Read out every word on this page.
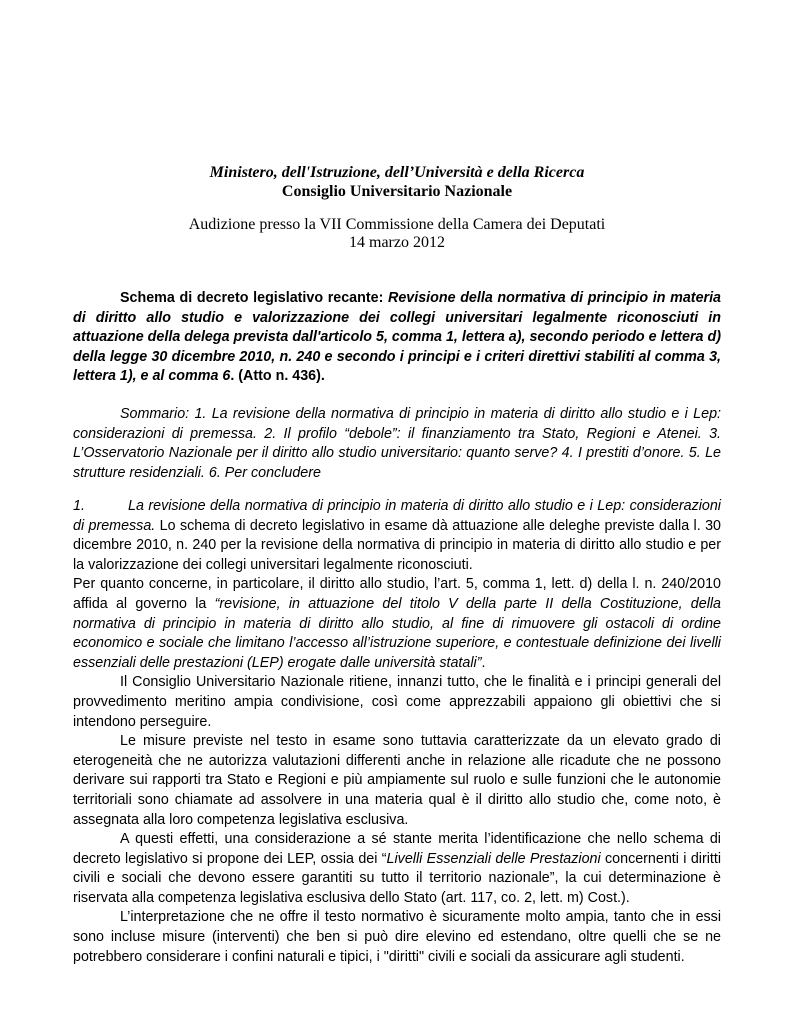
Ministero, dell'Istruzione, dell’Università e della Ricerca
Consiglio Universitario Nazionale
Audizione presso la VII Commissione della Camera dei Deputati
14 marzo 2012

Schema di decreto legislativo recante: Revisione della normativa di principio in materia di diritto allo studio e valorizzazione dei collegi universitari legalmente riconosciuti in attuazione della delega prevista dall'articolo 5, comma 1, lettera a), secondo periodo e lettera d) della legge 30 dicembre 2010, n. 240 e secondo i principi e i criteri direttivi stabiliti al comma 3, lettera 1), e al comma 6. (Atto n. 436).

Sommario: 1. La revisione della normativa di principio in materia di diritto allo studio e i Lep: considerazioni di premessa. 2. Il profilo “debole”: il finanziamento tra Stato, Regioni e Atenei. 3. L’Osservatorio Nazionale per il diritto allo studio universitario: quanto serve? 4. I prestiti d’onore. 5. Le strutture residenziali. 6. Per concludere

1.	La revisione della normativa di principio in materia di diritto allo studio e i Lep: considerazioni di premessa. Lo schema di decreto legislativo in esame dà attuazione alle deleghe previste dalla l. 30 dicembre 2010, n. 240 per la revisione della normativa di principio in materia di diritto allo studio e per la valorizzazione dei collegi universitari legalmente riconosciuti.

Per quanto concerne, in particolare, il diritto allo studio, l’art. 5, comma 1, lett. d) della l. n. 240/2010 affida al governo la “revisione, in attuazione del titolo V della parte II della Costituzione, della normativa di principio in materia di diritto allo studio, al fine di rimuovere gli ostacoli di ordine economico e sociale che limitano l’accesso all’istruzione superiore, e contestuale definizione dei livelli essenziali delle prestazioni (LEP) erogate dalle università statali”.

Il Consiglio Universitario Nazionale ritiene, innanzi tutto, che le finalità e i principi generali del provvedimento meritino ampia condivisione, così come apprezzabili appaiono gli obiettivi che si intendono perseguire.

Le misure previste nel testo in esame sono tuttavia caratterizzate da un elevato grado di eterogeneità che ne autorizza valutazioni differenti anche in relazione alle ricadute che ne possono derivare sui rapporti tra Stato e Regioni e più ampiamente sul ruolo e sulle funzioni che le autonomie territoriali sono chiamate ad assolvere in una materia qual è il diritto allo studio che, come noto, è assegnata alla loro competenza legislativa esclusiva.

A questi effetti, una considerazione a sé stante merita l’identificazione che nello schema di decreto legislativo si propone dei LEP, ossia dei “Livelli Essenziali delle Prestazioni concernenti i diritti civili e sociali che devono essere garantiti su tutto il territorio nazionale”, la cui determinazione è riservata alla competenza legislativa esclusiva dello Stato (art. 117, co. 2, lett. m) Cost.).

L’interpretazione che ne offre il testo normativo è sicuramente molto ampia, tanto che in essi sono incluse misure (interventi) che ben si può dire elevino ed estendano, oltre quelli che se ne potrebbero considerare i confini naturali e tipici, i "diritti" civili e sociali da assicurare agli studenti.
